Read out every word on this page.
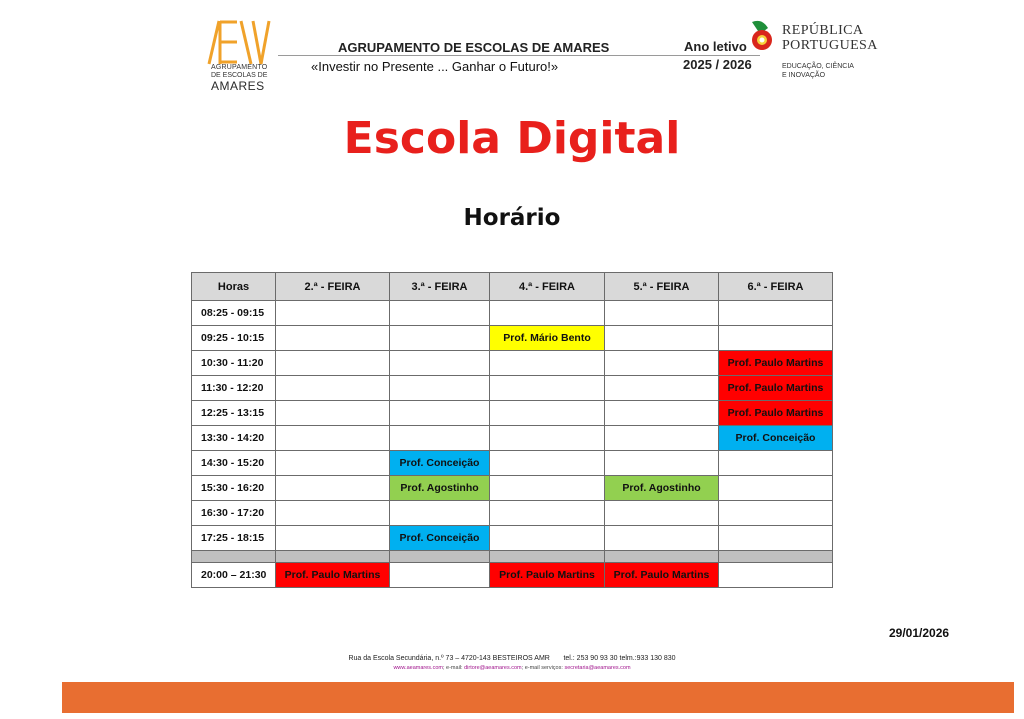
AGRUPAMENTO
DE ESCOLAS DE
AMARES
AGRUPAMENTO DE ESCOLAS DE AMARES
«Investir no Presente ... Ganhar o Futuro!»
Ano letivo
2025 / 2026
REPÚBLICA
PORTUGUESA
EDUCAÇÃO, CIÊNCIA
E INOVAÇÃO
Escola Digital
Horário
Horas	2.ª - FEIRA	3.ª - FEIRA	4.ª - FEIRA	5.ª - FEIRA	6.ª - FEIRA
08:25 - 09:15					
09:25 - 10:15			Prof. Mário Bento		
10:30 - 11:20					Prof. Paulo Martins
11:30 - 12:20					Prof. Paulo Martins
12:25 - 13:15					Prof. Paulo Martins
13:30 - 14:20					Prof. Conceição
14:30 - 15:20		Prof. Conceição			
15:30 - 16:20		Prof. Agostinho		Prof. Agostinho	
16:30 - 17:20					
17:25 - 18:15		Prof. Conceição			

20:00 – 21:30	Prof. Paulo Martins		Prof. Paulo Martins	Prof. Paulo Martins	
29/01/2026
Rua da Escola Secundária, n.º 73 – 4720-143 BESTEIROS AMR tel.: 253 90 93 30 telm.:933 130 830
www.aeamares.com; e-mail: dirtore@aeamares.com; e-mail serviços: secretaria@aeamares.com
